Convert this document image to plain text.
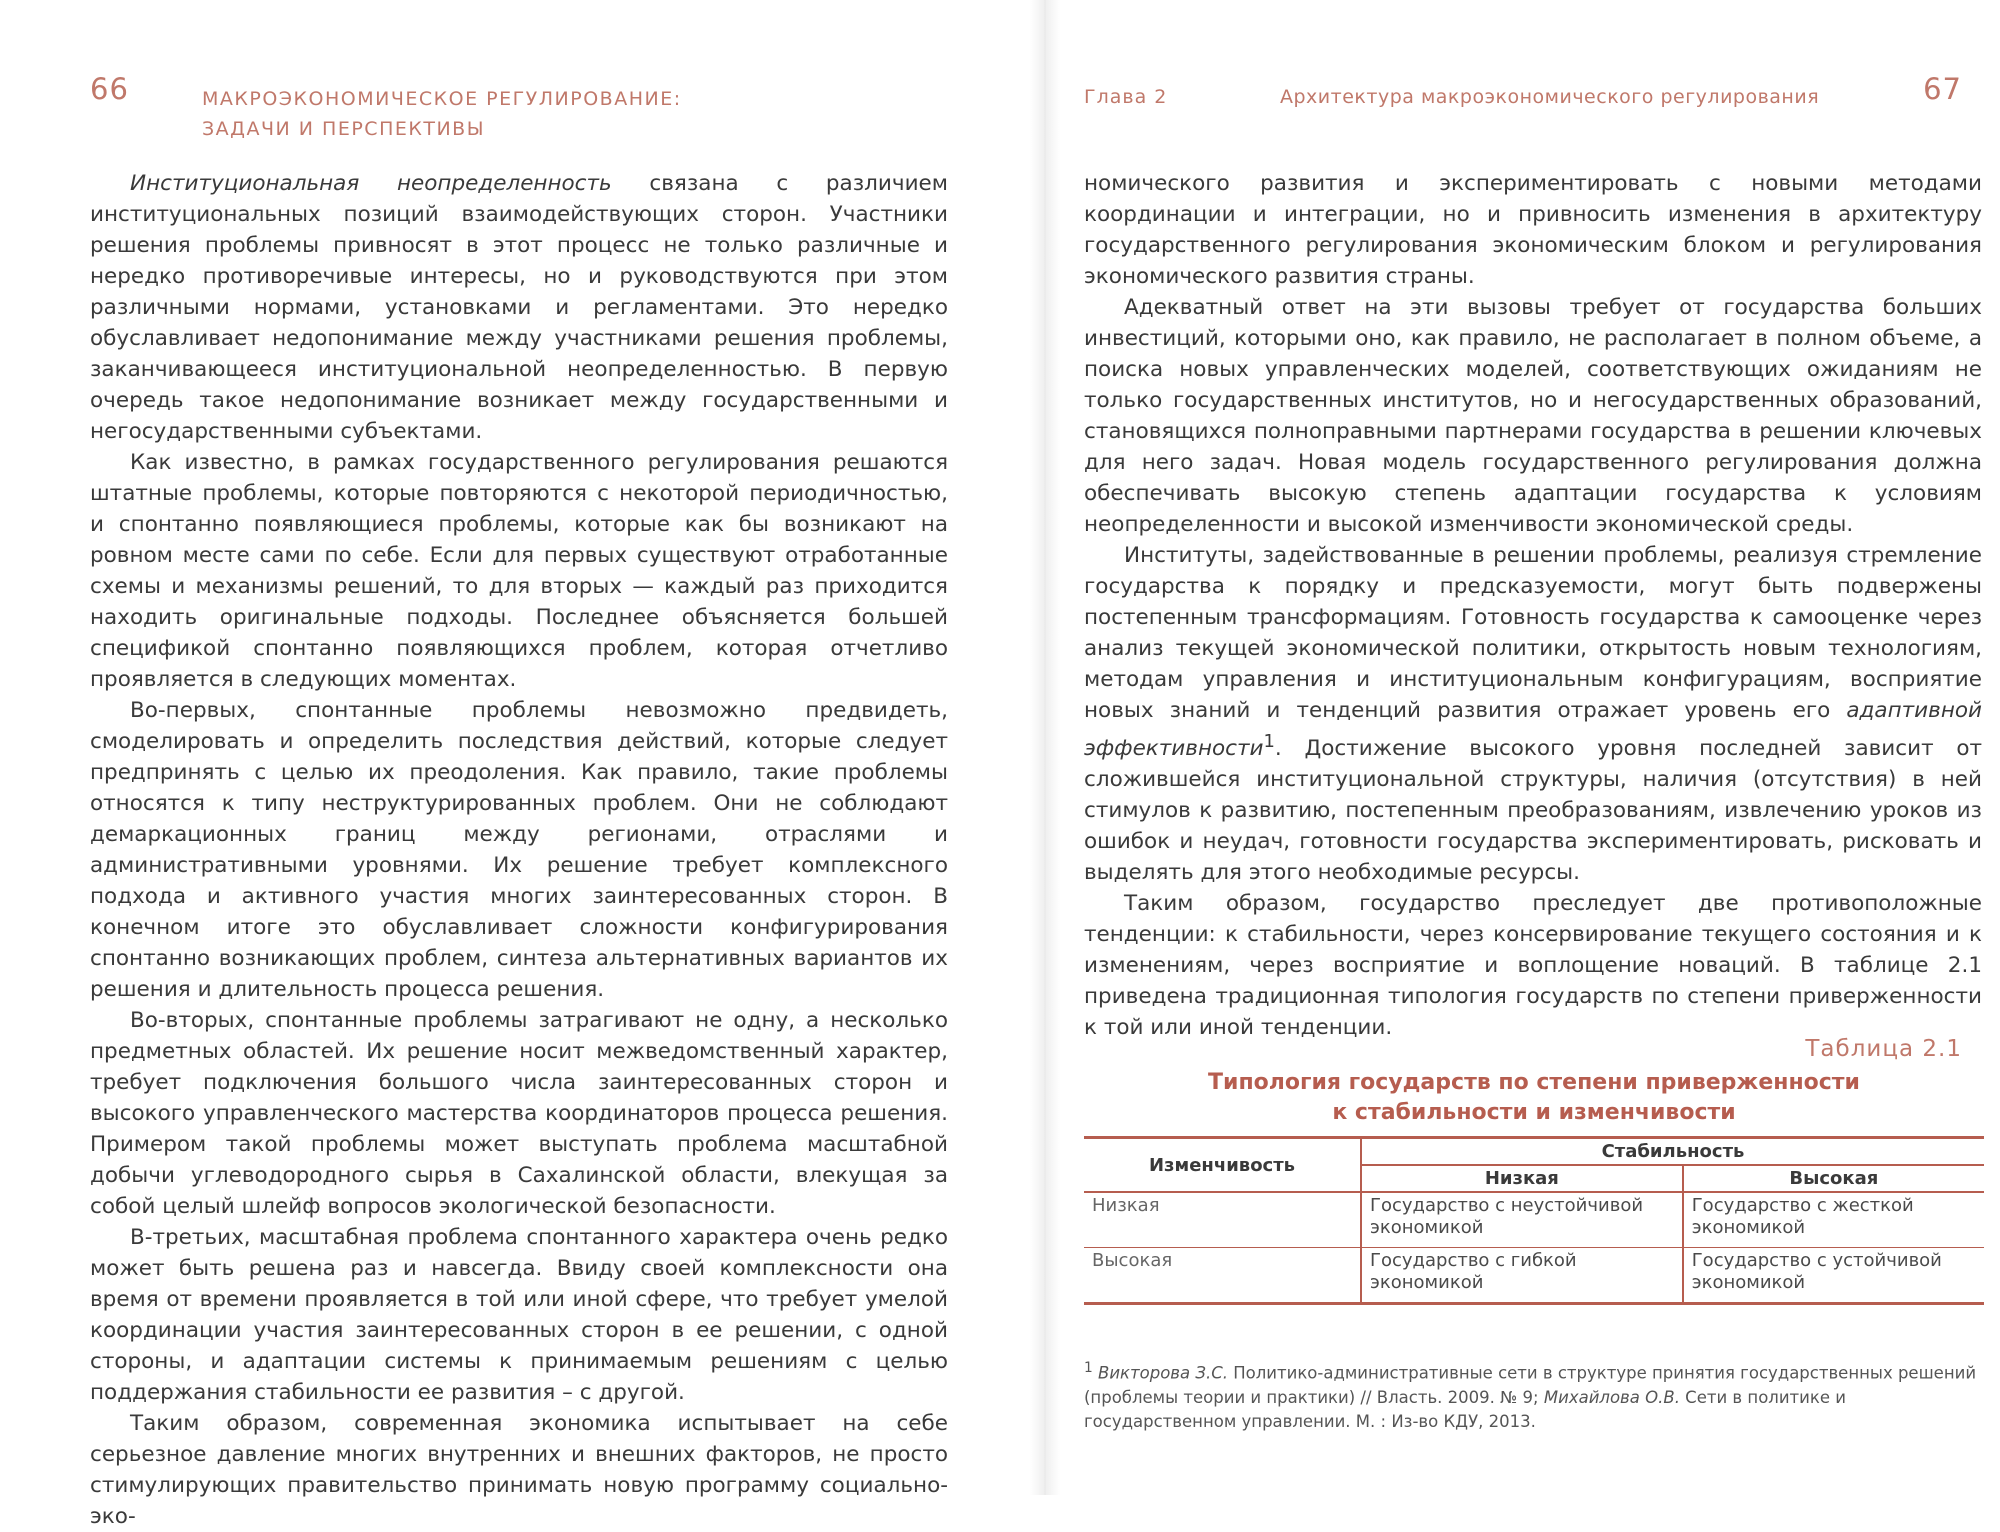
66	МАКРОЭКОНОМИЧЕСКОЕ РЕГУЛИРОВАНИЕ:
ЗАДАЧИ И ПЕРСПЕКТИВЫ

Институциональная неопределенность связана с различием институциональных позиций взаимодействующих сторон. Участники решения проблемы привносят в этот процесс не только различные и нередко противоречивые интересы, но и руководствуются при этом различными нормами, установками и регламентами. Это нередко обуславливает недопонимание между участниками решения проблемы, заканчивающееся институциональной неопределенностью. В первую очередь такое недопонимание возникает между государственными и негосударственными субъектами.

Как известно, в рамках государственного регулирования решаются штатные проблемы, которые повторяются с некоторой периодичностью, и спонтанно появляющиеся проблемы, которые как бы возникают на ровном месте сами по себе. Если для первых существуют отработанные схемы и механизмы решений, то для вторых — каждый раз приходится находить оригинальные подходы. Последнее объясняется большей спецификой спонтанно появляющихся проблем, которая отчетливо проявляется в следующих моментах.

Во-первых, спонтанные проблемы невозможно предвидеть, смоделировать и определить последствия действий, которые следует предпринять с целью их преодоления. Как правило, такие проблемы относятся к типу неструктурированных проблем. Они не соблюдают демаркационных границ между регионами, отраслями и административными уровнями. Их решение требует комплексного подхода и активного участия многих заинтересованных сторон. В конечном итоге это обуславливает сложности конфигурирования спонтанно возникающих проблем, синтеза альтернативных вариантов их решения и длительность процесса решения.

Во-вторых, спонтанные проблемы затрагивают не одну, а несколько предметных областей. Их решение носит межведомственный характер, требует подключения большого числа заинтересованных сторон и высокого управленческого мастерства координаторов процесса решения. Примером такой проблемы может выступать проблема масштабной добычи углеводородного сырья в Сахалинской области, влекущая за собой целый шлейф вопросов экологической безопасности.

В-третьих, масштабная проблема спонтанного характера очень редко может быть решена раз и навсегда. Ввиду своей комплексности она время от времени проявляется в той или иной сфере, что требует умелой координации участия заинтересованных сторон в ее решении, с одной стороны, и адаптации системы к принимаемым решениям с целью поддержания стабильности ее развития – с другой.

Таким образом, современная экономика испытывает на себе серьезное давление многих внутренних и внешних факторов, не просто стимулирующих правительство принимать новую программу социально-эко-

Глава 2	Архитектура макроэкономического регулирования	67

номического развития и экспериментировать с новыми методами координации и интеграции, но и привносить изменения в архитектуру государственного регулирования экономическим блоком и регулирования экономического развития страны.

Адекватный ответ на эти вызовы требует от государства больших инвестиций, которыми оно, как правило, не располагает в полном объеме, а поиска новых управленческих моделей, соответствующих ожиданиям не только государственных институтов, но и негосударственных образований, становящихся полноправными партнерами государства в решении ключевых для него задач. Новая модель государственного регулирования должна обеспечивать высокую степень адаптации государства к условиям неопределенности и высокой изменчивости экономической среды.

Институты, задействованные в решении проблемы, реализуя стремление государства к порядку и предсказуемости, могут быть подвержены постепенным трансформациям. Готовность государства к самооценке через анализ текущей экономической политики, открытость новым технологиям, методам управления и институциональным конфигурациям, восприятие новых знаний и тенденций развития отражает уровень его адаптивной эффективности$^1$. Достижение высокого уровня последней зависит от сложившейся институциональной структуры, наличия (отсутствия) в ней стимулов к развитию, постепенным преобразованиям, извлечению уроков из ошибок и неудач, готовности государства экспериментировать, рисковать и выделять для этого необходимые ресурсы.

Таким образом, государство преследует две противоположные тенденции: к стабильности, через консервирование текущего состояния и к изменениям, через восприятие и воплощение новаций. В таблице 2.1 приведена традиционная типология государств по степени приверженности к той или иной тенденции.

Таблица 2.1
Типология государств по степени приверженности
к стабильности и изменчивости
Изменчивость	Стабильность	
	Низкая	Высокая
Низкая	Государство с неустойчивой экономикой	Государство с жесткой экономикой
Высокая	Государство с гибкой экономикой	Государство с устойчивой экономикой
$^1$ Викторова З.С. Политико-административные сети в структуре принятия государственных решений (проблемы теории и практики) // Власть. 2009. № 9; Михайлова О.В. Сети в политике и государственном управлении. М. : Из-во КДУ, 2013.
